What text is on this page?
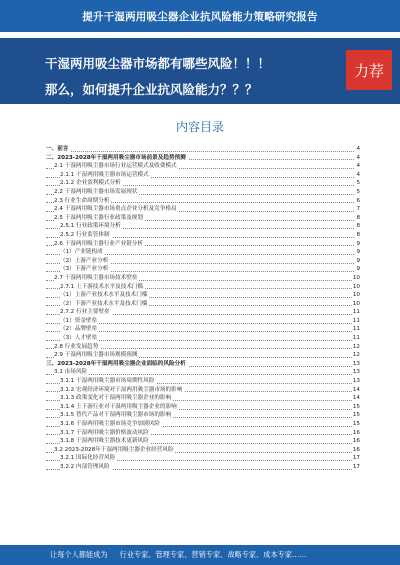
提升干湿两用吸尘器企业抗风险能力策略研究报告
干湿两用吸尘器市场都有哪些风险！！！
那么，如何提升企业抗风险能力？？？
力荐
内容目录
一、前言	4
二、2023-2028年干湿两用吸尘器市场前景及趋势预测	4
2.1 干湿两用吸尘器市场行业运营模式及收费模式	4
2.1.1 干湿两用吸尘器市场运营模式	4
2.1.2 企业盈利模式分析	5
2.2 干湿两用吸尘器市场发展现状	5
2.3 行业生命周期分析	6
2.4 干湿两用吸尘器市场重点企业分析及竞争格局	7
2.5 干湿两用吸尘器行业政策及规划	8
2.5.1 行业政策环境分析	8
2.5.2 行业监管体制	8
2.6 干湿两用吸尘器行业产业链分析	9
（1）产业链构成	9
（2）上游产业分析	9
（3）下游产业分析	9
2.7 干湿两用吸尘器市场技术壁垒	10
2.7.1 上下游技术水平及技术门槛	10
（1）上游产业技术水平及技术门槛	10
（2）下游产业技术水平及技术门槛	10
2.7.2 行业主要壁垒	11
（1）资金壁垒	11
（2）品牌壁垒	11
（3）人才壁垒	11
2.8 行业发展趋势	12
2.9 干湿两用吸尘器市场规模预测	12
三、2023-2028年干湿两用吸尘器企业面临的风险分析	13
3.1 市场风险	13
3.1.1 干湿两用吸尘器市场周期性风险	13
3.1.2 宏观经济环境对干湿两用吸尘器市场的影响	14
3.1.3 政策变化对干湿两用吸尘器企业的影响	14
3.1.4 上下游行业对干湿两用吸尘器企业的影响	15
3.1.5 替代产品对干湿两用吸尘器市场的影响	15
3.1.6 干湿两用吸尘器市场竞争加剧风险	15
3.1.7 干湿两用吸尘器价格波动风险	16
3.1.8 干湿两用吸尘器技术更新风险	16
3.2 2023-2028年干湿两用吸尘器企业经营风险	16
3.2.1 国际化经营风险	17
3.2.2 内部管理风险	17
让每个人都能成为 行业专家、管理专家、营销专家、战略专家、成本专家……
